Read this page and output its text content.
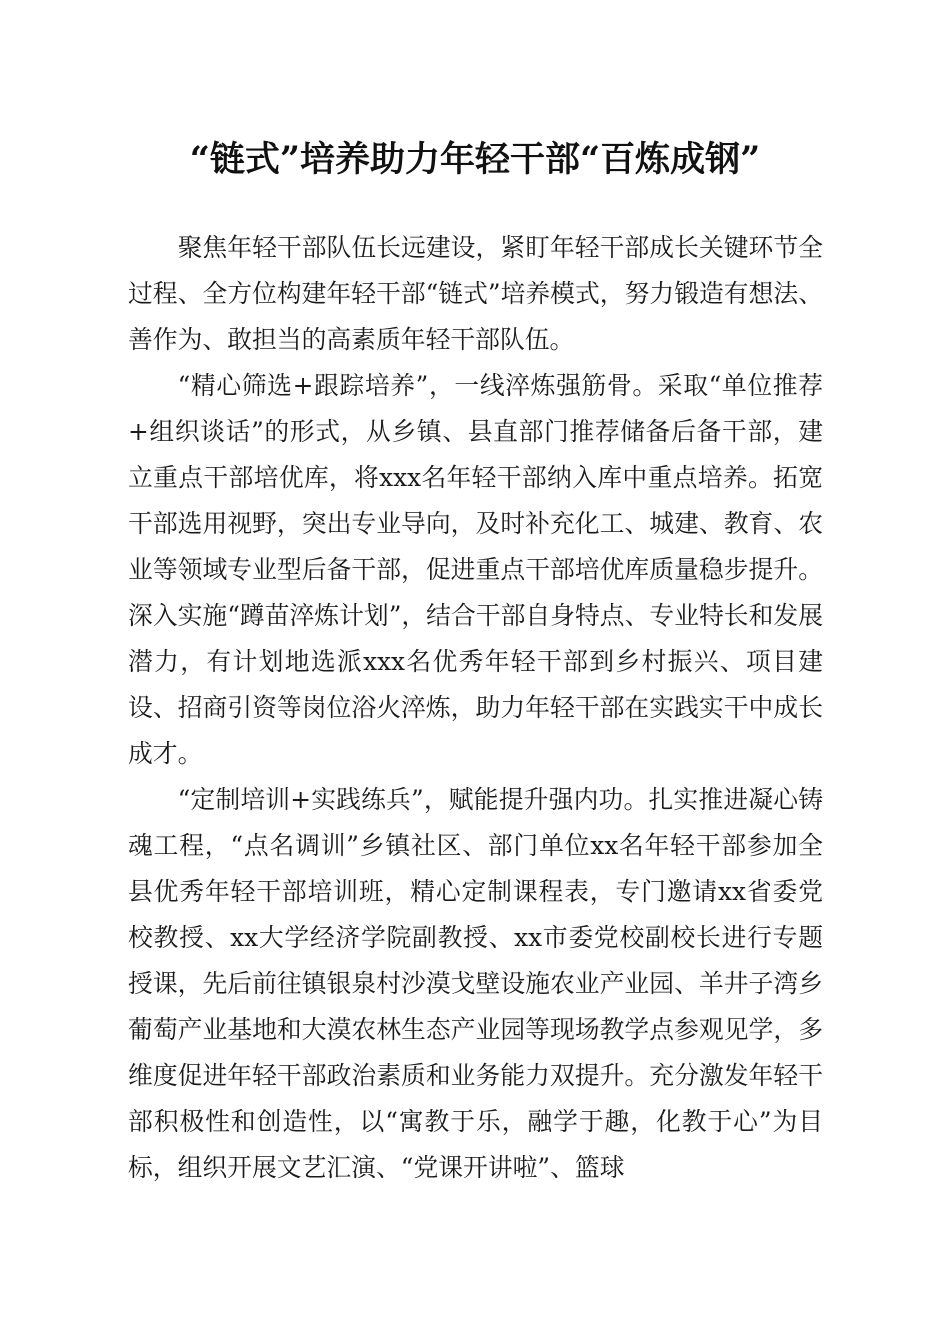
“链式”培养助力年轻干部“百炼成钢”

聚焦年轻干部队伍长远建设，紧盯年轻干部成长关键环节全过程、全方位构建年轻干部“链式”培养模式，努力锻造有想法、善作为、敢担当的高素质年轻干部队伍。

“精心筛选+跟踪培养”，一线淬炼强筋骨。采取“单位推荐+组织谈话”的形式，从乡镇、县直部门推荐储备后备干部，建立重点干部培优库，将xxx名年轻干部纳入库中重点培养。拓宽干部选用视野，突出专业导向，及时补充化工、城建、教育、农业等领域专业型后备干部，促进重点干部培优库质量稳步提升。深入实施“蹲苗淬炼计划”，结合干部自身特点、专业特长和发展潜力，有计划地选派xxx名优秀年轻干部到乡村振兴、项目建设、招商引资等岗位浴火淬炼，助力年轻干部在实践实干中成长成才。

“定制培训+实践练兵”，赋能提升强内功。扎实推进凝心铸魂工程，“点名调训”乡镇社区、部门单位xx名年轻干部参加全县优秀年轻干部培训班，精心定制课程表，专门邀请xx省委党校教授、xx大学经济学院副教授、xx市委党校副校长进行专题授课，先后前往镇银泉村沙漠戈壁设施农业产业园、羊井子湾乡葡萄产业基地和大漠农林生态产业园等现场教学点参观见学，多维度促进年轻干部政治素质和业务能力双提升。充分激发年轻干部积极性和创造性，以“寓教于乐，融学于趣，化教于心”为目标，组织开展文艺汇演、“党课开讲啦”、篮球
